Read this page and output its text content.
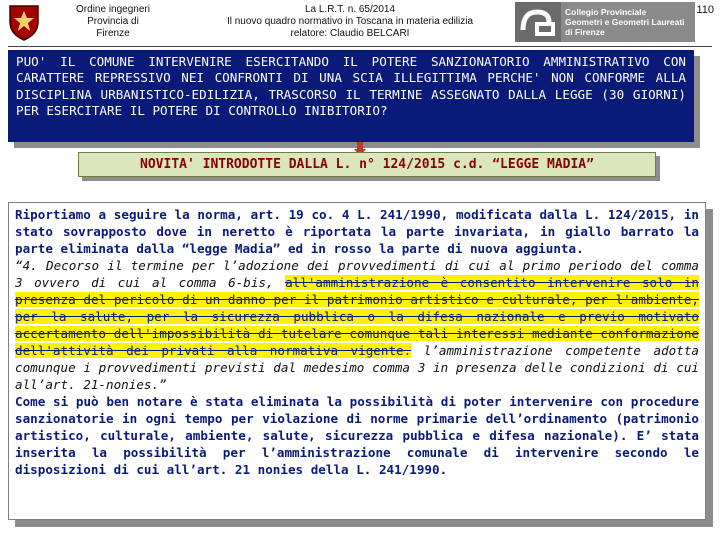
Ordine ingegneri
Provincia di
Firenze
La L.R.T. n. 65/2014
Il nuovo quadro normativo in Toscana in materia edilizia
relatore: Claudio BELCARI
Collegio Provinciale
Geometri e Geometri Laureati
di Firenze
110

PUO' IL COMUNE INTERVENIRE ESERCITANDO IL POTERE SANZIONATORIO AMMINISTRATIVO CON CARATTERE REPRESSIVO NEI CONFRONTI DI UNA SCIA ILLEGITTIMA PERCHE' NON CONFORME ALLA DISCIPLINA URBANISTICO-EDILIZIA, TRASCORSO IL TERMINE ASSEGNATO DALLA LEGGE (30 GIORNI) PER ESERCITARE IL POTERE DI CONTROLLO INIBITORIO?

NOVITA' INTRODOTTE DALLA L. n° 124/2015 c.d. “LEGGE MADIA”

Riportiamo a seguire la norma, art. 19 co. 4 L. 241/1990, modificata dalla L. 124/2015, in stato sovrapposto dove in neretto è riportata la parte invariata, in giallo barrato la parte eliminata dalla “legge Madia” ed in rosso la parte di nuova aggiunta.

“4. Decorso il termine per l’adozione dei provvedimenti di cui al primo periodo del comma 3 ovvero di cui al comma 6-bis, all'amministrazione è consentito intervenire solo in presenza del pericolo di un danno per il patrimonio artistico e culturale, per l'ambiente, per la salute, per la sicurezza pubblica o la difesa nazionale e previo motivato accertamento dell'impossibilità di tutelare comunque tali interessi mediante conformazione dell'attività dei privati alla normativa vigente. l’amministrazione competente adotta comunque i provvedimenti previsti dal medesimo comma 3 in presenza delle condizioni di cui all’art. 21-nonies.”

Come si può ben notare è stata eliminata la possibilità di poter intervenire con procedure sanzionatorie in ogni tempo per violazione di norme primarie dell’ordinamento (patrimonio artistico, culturale, ambiente, salute, sicurezza pubblica e difesa nazionale). E’ stata inserita la possibilità per l’amministrazione comunale di intervenire secondo le disposizioni di cui all’art. 21 nonies della L. 241/1990.
